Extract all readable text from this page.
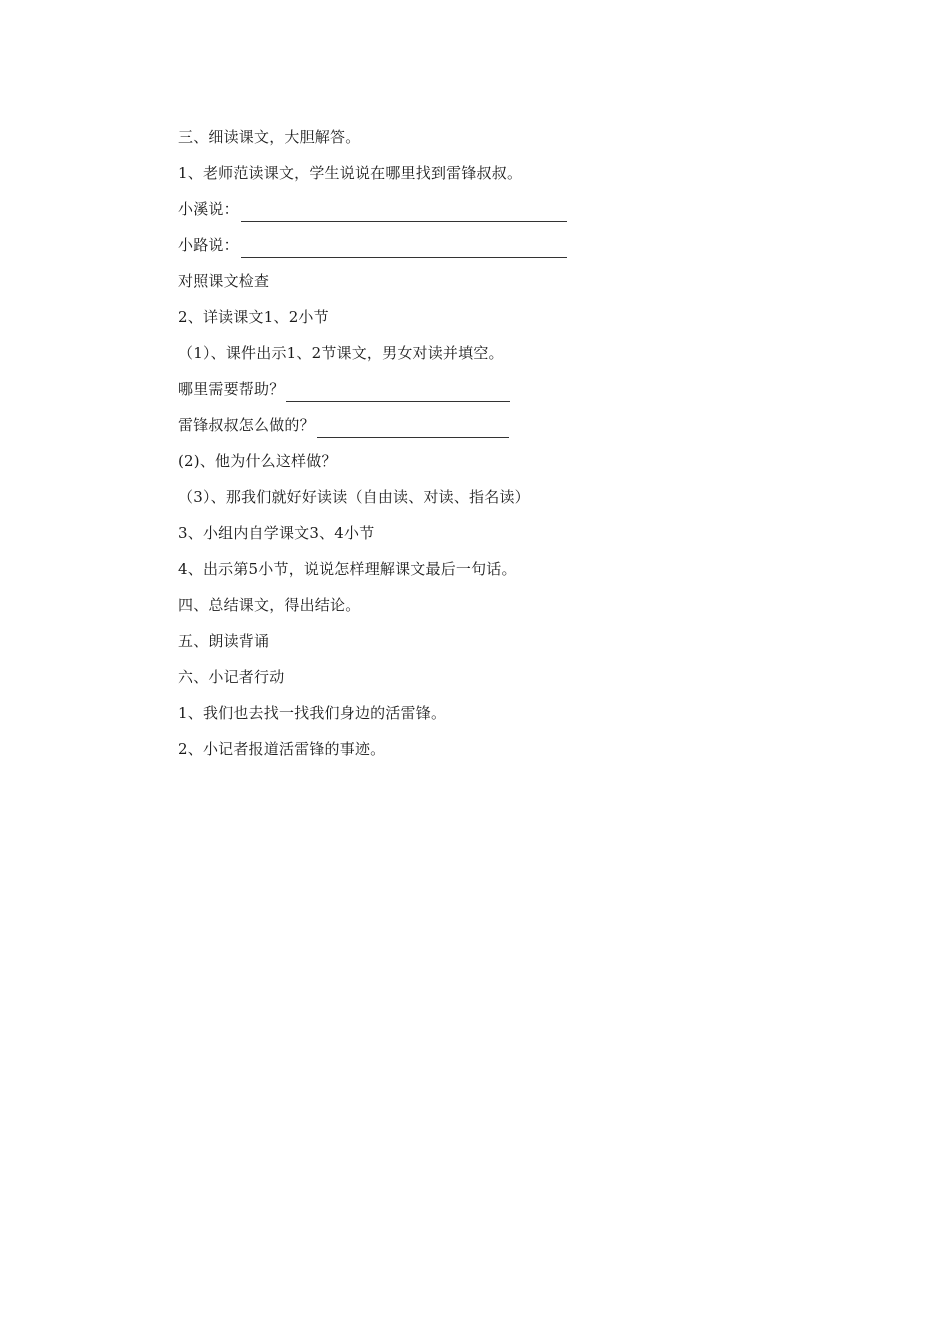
三、细读课文，大胆解答。
1、老师范读课文，学生说说在哪里找到雷锋叔叔。
小溪说：
小路说：
对照课文检查
2、详读课文1、2小节
（1）、课件出示1、2节课文，男女对读并填空。
哪里需要帮助？
雷锋叔叔怎么做的？
(2)、他为什么这样做？
（3）、那我们就好好读读（自由读、对读、指名读）
3、小组内自学课文3、4小节
4、出示第5小节，说说怎样理解课文最后一句话。
四、总结课文，得出结论。
五、朗读背诵
六、小记者行动
1、我们也去找一找我们身边的活雷锋。
2、小记者报道活雷锋的事迹。
